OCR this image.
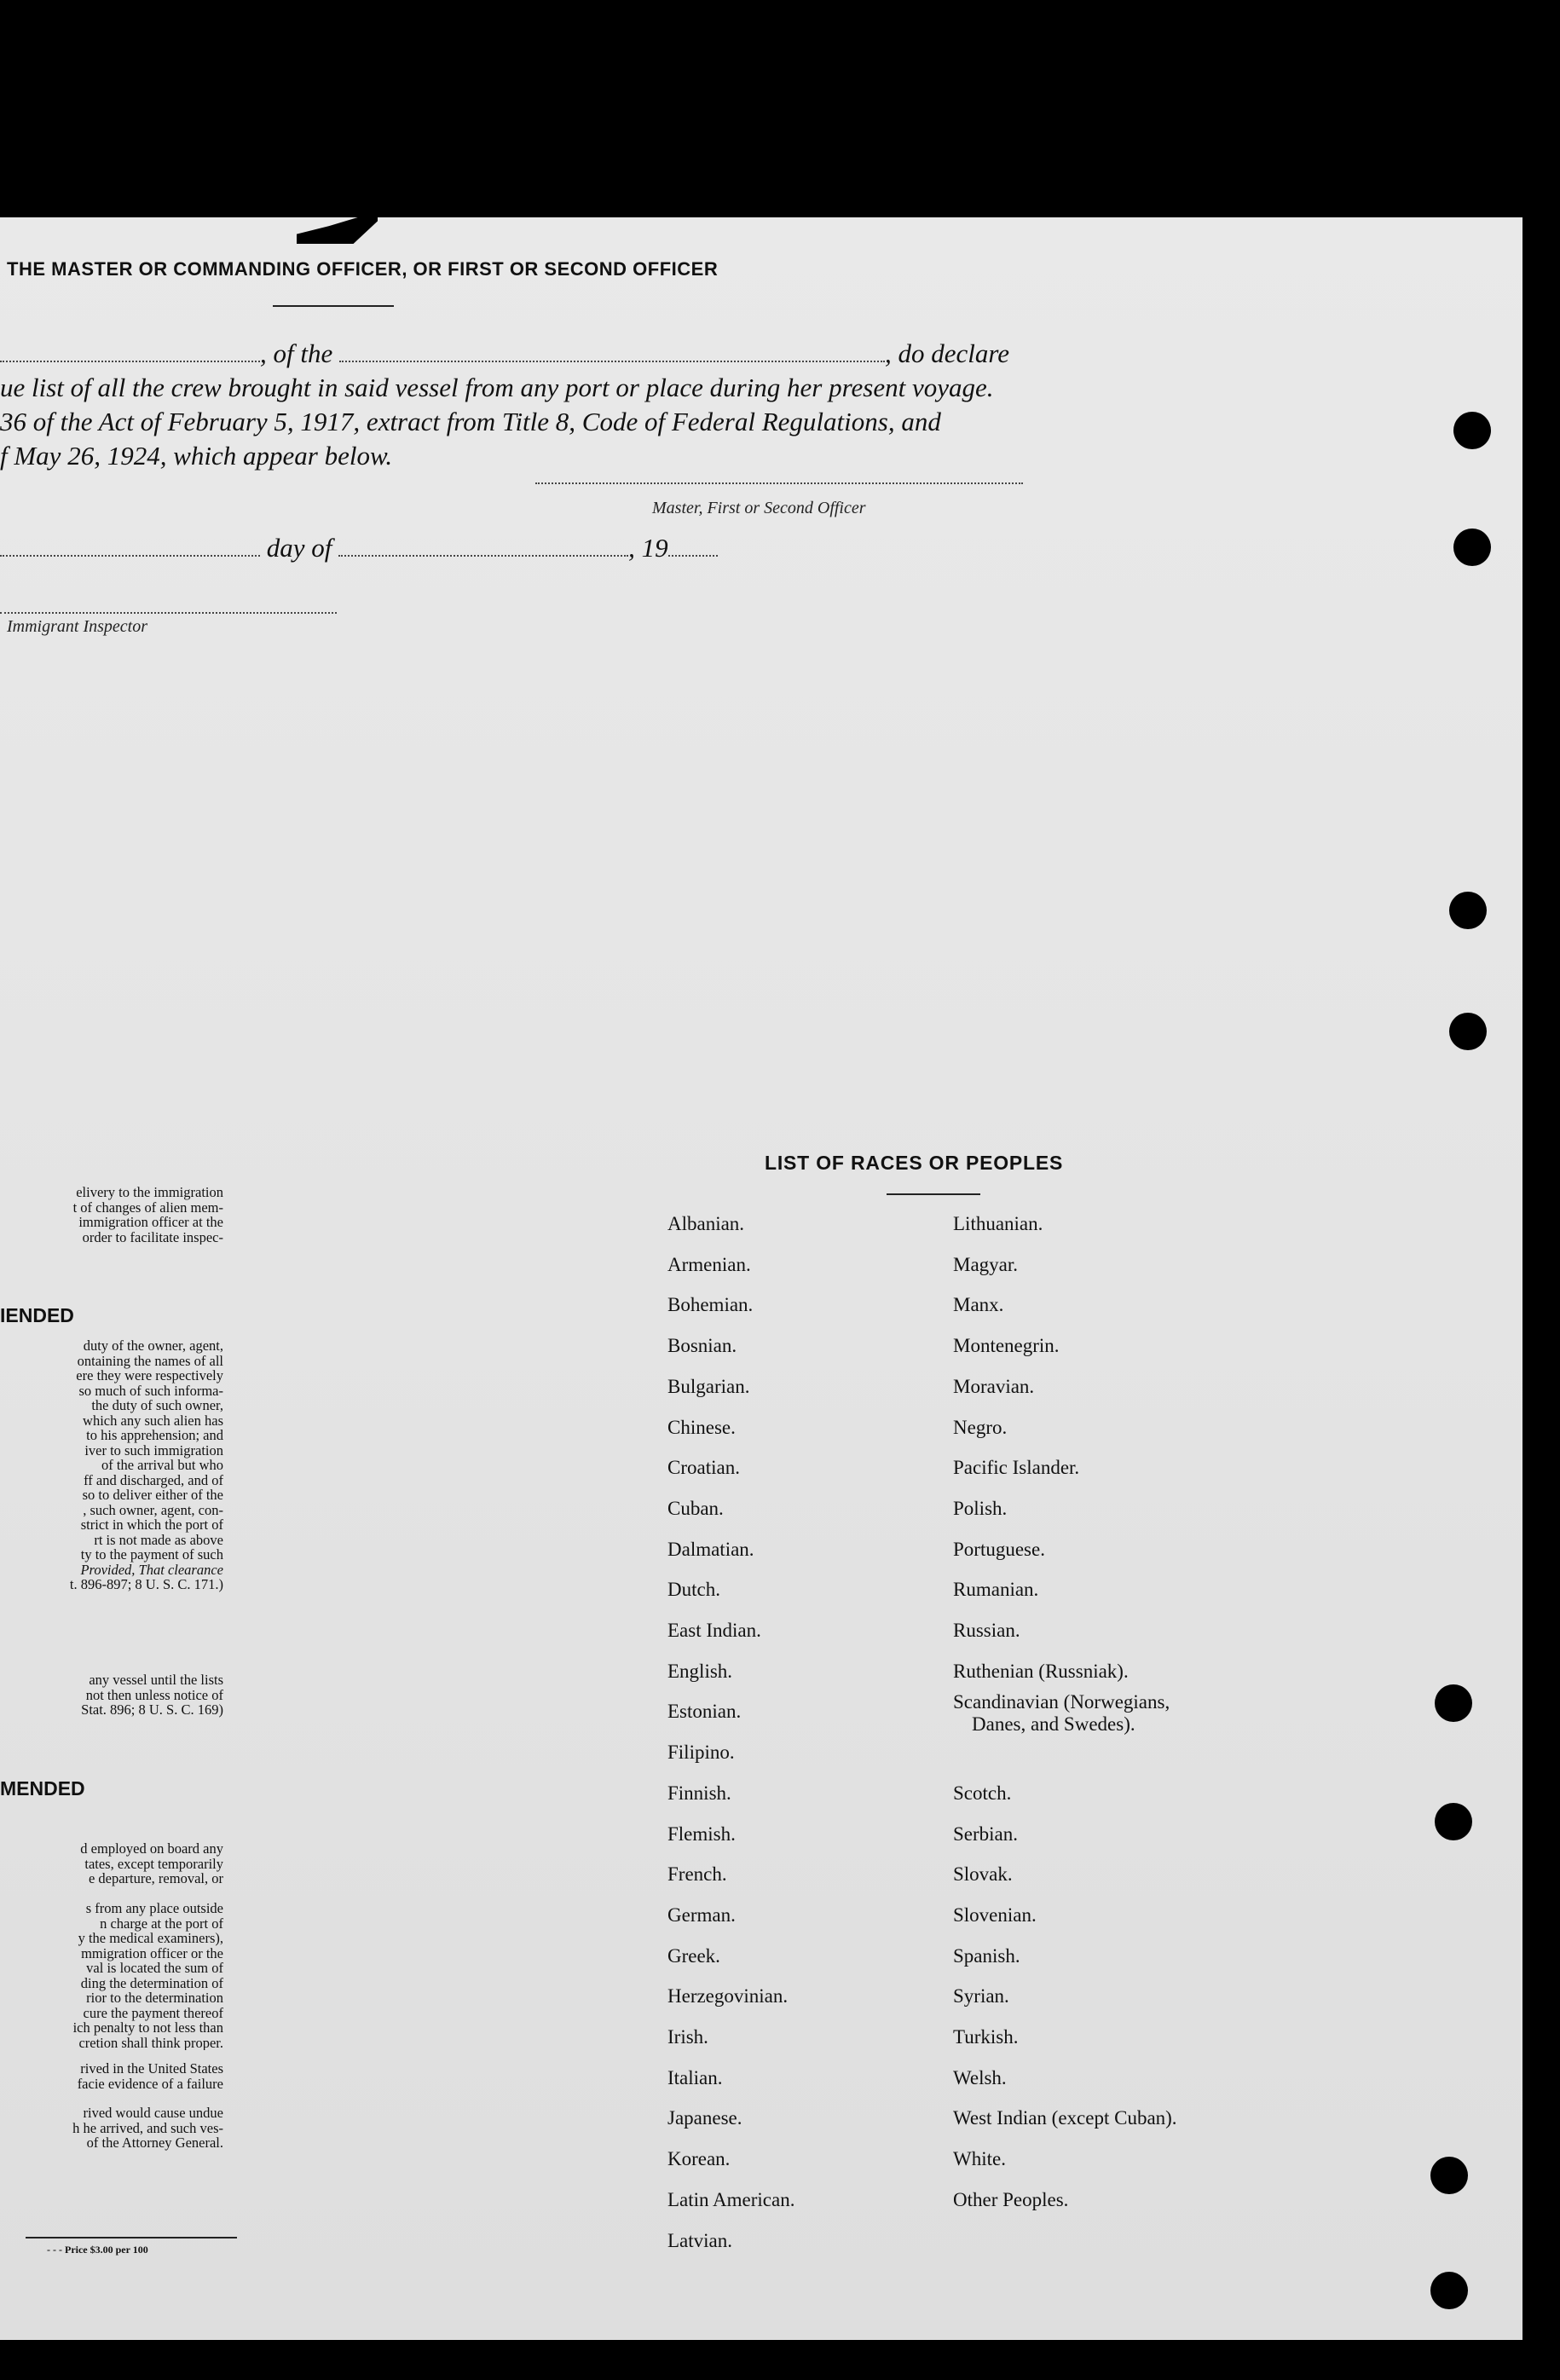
THE MASTER OR COMMANDING OFFICER, OR FIRST OR SECOND OFFICER
, of the	, do declare
ue list of all the crew brought in said vessel from any port or place during her present voyage.
36 of the Act of February 5, 1917, extract from Title 8, Code of Federal Regulations, and
f May 26, 1924, which appear below.
Master, First or Second Officer
day of	, 19
Immigrant Inspector

elivery to the immigration
t of changes of alien mem-
immigration officer at the
order to facilitate inspec-
IENDED
duty of the owner, agent,
ontaining the names of all
ere they were respectively
so much of such informa-
the duty of such owner,
which any such alien has
to his apprehension; and
iver to such immigration
of the arrival but who
ff and discharged, and of
so to deliver either of the
, such owner, agent, con-
strict in which the port of
rt is not made as above
ty to the payment of such
Provided, That clearance
t. 896-897; 8 U. S. C. 171.)
any vessel until the lists
not then unless notice of
Stat. 896; 8 U. S. C. 169)
MENDED
d employed on board any
tates, except temporarily
e departure, removal, or
s from any place outside
n charge at the port of
y the medical examiners),
mmigration officer or the
val is located the sum of
ding the determination of
rior to the determination
cure the payment thereof
ich penalty to not less than
cretion shall think proper.
rived in the United States
facie evidence of a failure
rived would cause undue
h he arrived, and such ves-
of the Attorney General.
- - - Price $3.00 per 100
LIST OF RACES OR PEOPLES
Albanian.
Armenian.
Bohemian.
Bosnian.
Bulgarian.
Chinese.
Croatian.
Cuban.
Dalmatian.
Dutch.
East Indian.
English.
Estonian.
Filipino.
Finnish.
Flemish.
French.
German.
Greek.
Herzegovinian.
Irish.
Italian.
Japanese.
Korean.
Latin American.
Latvian.
Lithuanian.
Magyar.
Manx.
Montenegrin.
Moravian.
Negro.
Pacific Islander.
Polish.
Portuguese.
Rumanian.
Russian.
Ruthenian (Russniak).
Scandinavian (Norwegians,
Danes, and Swedes).
Scotch.
Serbian.
Slovak.
Slovenian.
Spanish.
Syrian.
Turkish.
Welsh.
West Indian (except Cuban).
White.
Other Peoples.
